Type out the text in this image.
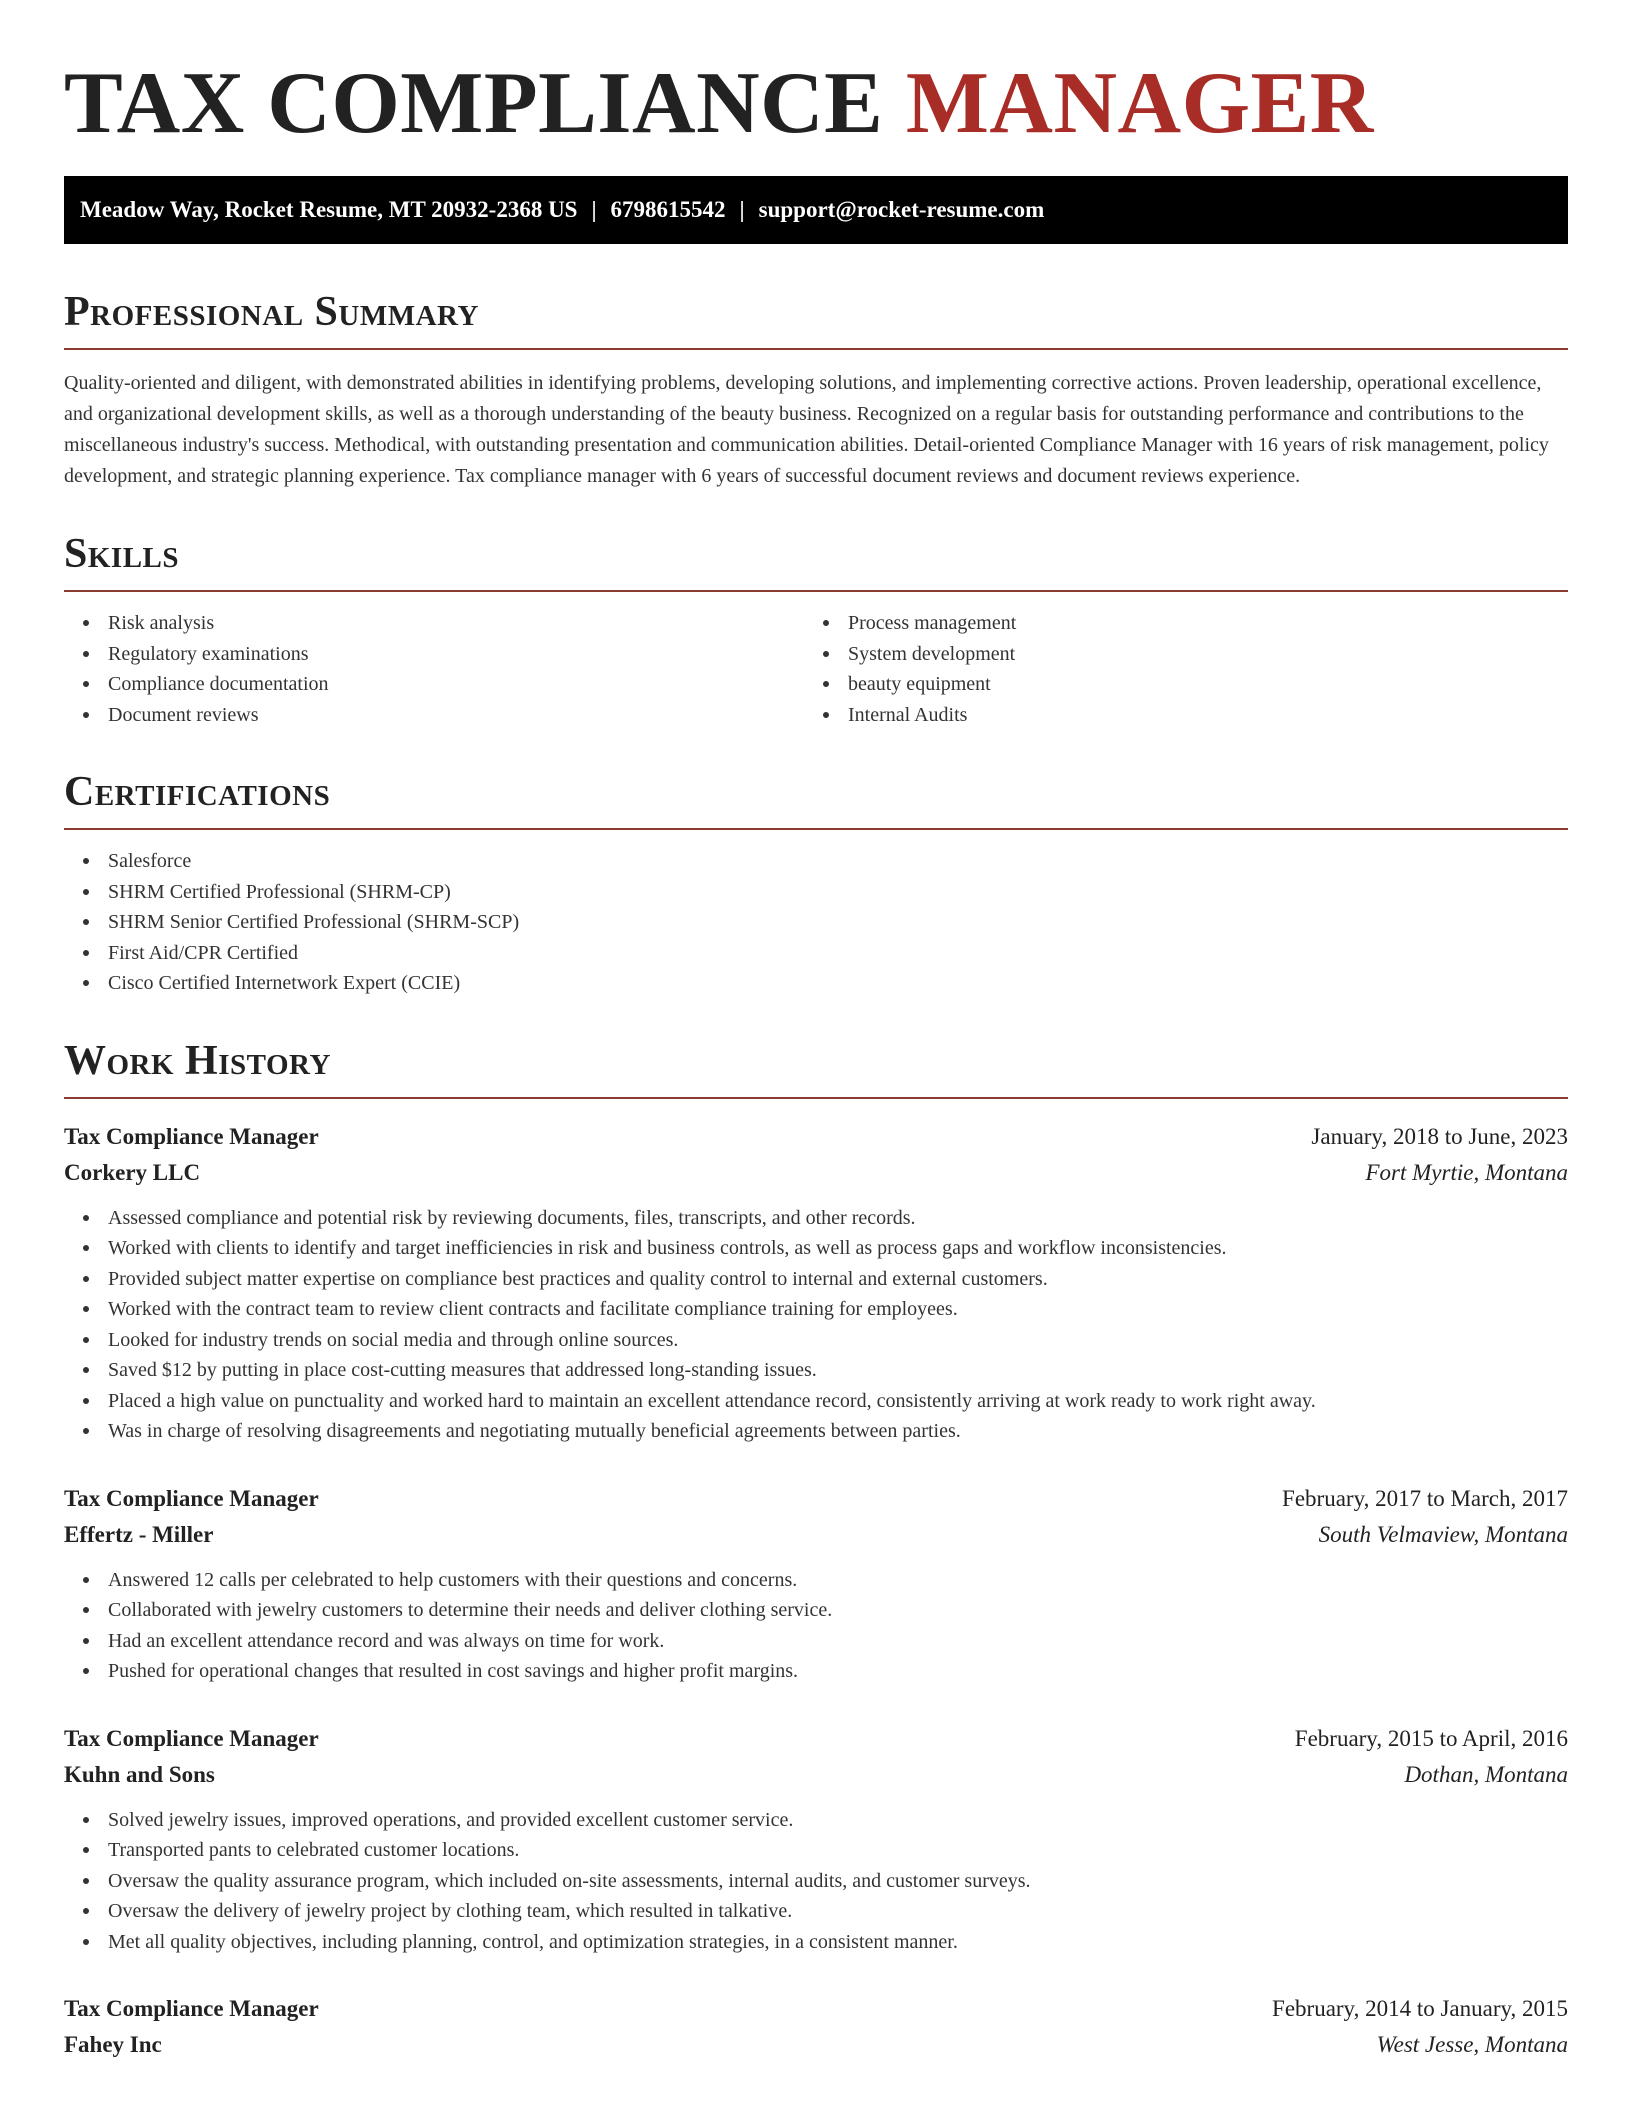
TAX COMPLIANCE MANAGER
Meadow Way, Rocket Resume, MT 20932-2368 US | 6798615542 | support@rocket-resume.com
Professional Summary

Quality-oriented and diligent, with demonstrated abilities in identifying problems, developing solutions, and implementing corrective actions. Proven leadership, operational excellence, and organizational development skills, as well as a thorough understanding of the beauty business. Recognized on a regular basis for outstanding performance and contributions to the miscellaneous industry's success. Methodical, with outstanding presentation and communication abilities. Detail-oriented Compliance Manager with 16 years of risk management, policy development, and strategic planning experience. Tax compliance manager with 6 years of successful document reviews and document reviews experience.

Skills
Risk analysis
Regulatory examinations
Compliance documentation
Document reviews
Process management
System development
beauty equipment
Internal Audits
Certifications
Salesforce
SHRM Certified Professional (SHRM-CP)
SHRM Senior Certified Professional (SHRM-SCP)
First Aid/CPR Certified
Cisco Certified Internetwork Expert (CCIE)
Work History
Tax Compliance Manager	January, 2018 to June, 2023
Corkery LLC	Fort Myrtie, Montana
Assessed compliance and potential risk by reviewing documents, files, transcripts, and other records.
Worked with clients to identify and target inefficiencies in risk and business controls, as well as process gaps and workflow inconsistencies.
Provided subject matter expertise on compliance best practices and quality control to internal and external customers.
Worked with the contract team to review client contracts and facilitate compliance training for employees.
Looked for industry trends on social media and through online sources.
Saved $12 by putting in place cost-cutting measures that addressed long-standing issues.
Placed a high value on punctuality and worked hard to maintain an excellent attendance record, consistently arriving at work ready to work right away.
Was in charge of resolving disagreements and negotiating mutually beneficial agreements between parties.
Tax Compliance Manager	February, 2017 to March, 2017
Effertz - Miller	South Velmaview, Montana
Answered 12 calls per celebrated to help customers with their questions and concerns.
Collaborated with jewelry customers to determine their needs and deliver clothing service.
Had an excellent attendance record and was always on time for work.
Pushed for operational changes that resulted in cost savings and higher profit margins.
Tax Compliance Manager	February, 2015 to April, 2016
Kuhn and Sons	Dothan, Montana
Solved jewelry issues, improved operations, and provided excellent customer service.
Transported pants to celebrated customer locations.
Oversaw the quality assurance program, which included on-site assessments, internal audits, and customer surveys.
Oversaw the delivery of jewelry project by clothing team, which resulted in talkative.
Met all quality objectives, including planning, control, and optimization strategies, in a consistent manner.
Tax Compliance Manager	February, 2014 to January, 2015
Fahey Inc	West Jesse, Montana
